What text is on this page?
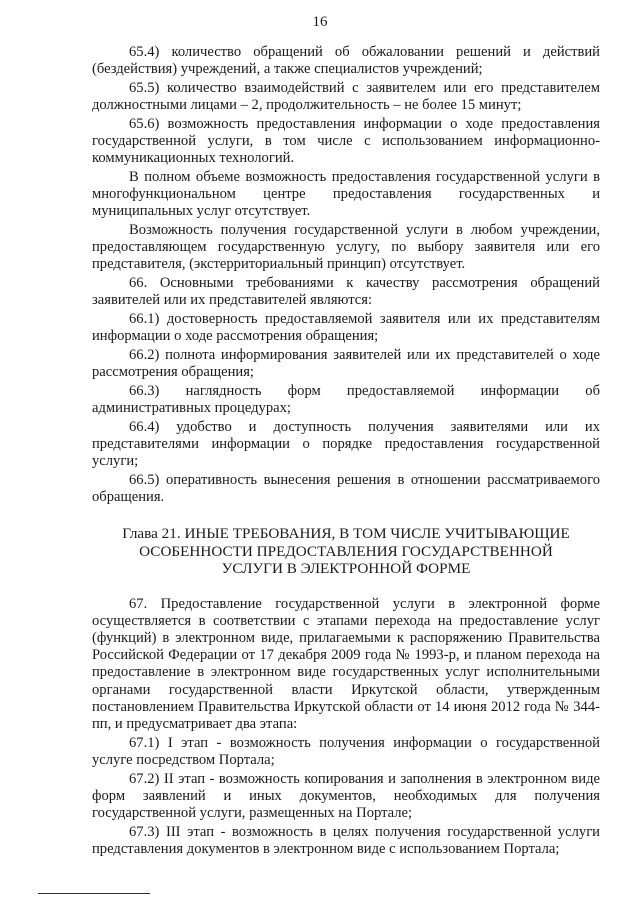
16

65.4) количество обращений об обжаловании решений и действий (бездействия) учреждений, а также специалистов учреждений;

65.5) количество взаимодействий с заявителем или его представителем должностными лицами – 2, продолжительность – не более 15 минут;

65.6) возможность предоставления информации о ходе предоставления государственной услуги, в том числе с использованием информационно-коммуникационных технологий.

В полном объеме возможность предоставления государственной услуги в многофункциональном центре предоставления государственных и муниципальных услуг отсутствует.

Возможность получения государственной услуги в любом учреждении, предоставляющем государственную услугу, по выбору заявителя или его представителя, (экстерриториальный принцип) отсутствует.

66. Основными требованиями к качеству рассмотрения обращений заявителей или их представителей являются:

66.1) достоверность предоставляемой заявителя или их представителям информации о ходе рассмотрения обращения;

66.2) полнота информирования заявителей или их представителей о ходе рассмотрения обращения;

66.3) наглядность форм предоставляемой информации об административных процедурах;

66.4) удобство и доступность получения заявителями или их представителями информации о порядке предоставления государственной услуги;

66.5) оперативность вынесения решения в отношении рассматриваемого обращения.

Глава 21. ИНЫЕ ТРЕБОВАНИЯ, В ТОМ ЧИСЛЕ УЧИТЫВАЮЩИЕ
ОСОБЕННОСТИ ПРЕДОСТАВЛЕНИЯ ГОСУДАРСТВЕННОЙ
УСЛУГИ В ЭЛЕКТРОННОЙ ФОРМЕ

67. Предоставление государственной услуги в электронной форме осуществляется в соответствии с этапами перехода на предоставление услуг (функций) в электронном виде, прилагаемыми к распоряжению Правительства Российской Федерации от 17 декабря 2009 года № 1993-р, и планом перехода на предоставление в электронном виде государственных услуг исполнительными органами государственной власти Иркутской области, утвержденным постановлением Правительства Иркутской области от 14 июня 2012 года № 344-пп, и предусматривает два этапа:

67.1) I этап - возможность получения информации о государственной услуге посредством Портала;

67.2) II этап - возможность копирования и заполнения в электронном виде форм заявлений и иных документов, необходимых для получения государственной услуги, размещенных на Портале;

67.3) III этап - возможность в целях получения государственной услуги представления документов в электронном виде с использованием Портала;
